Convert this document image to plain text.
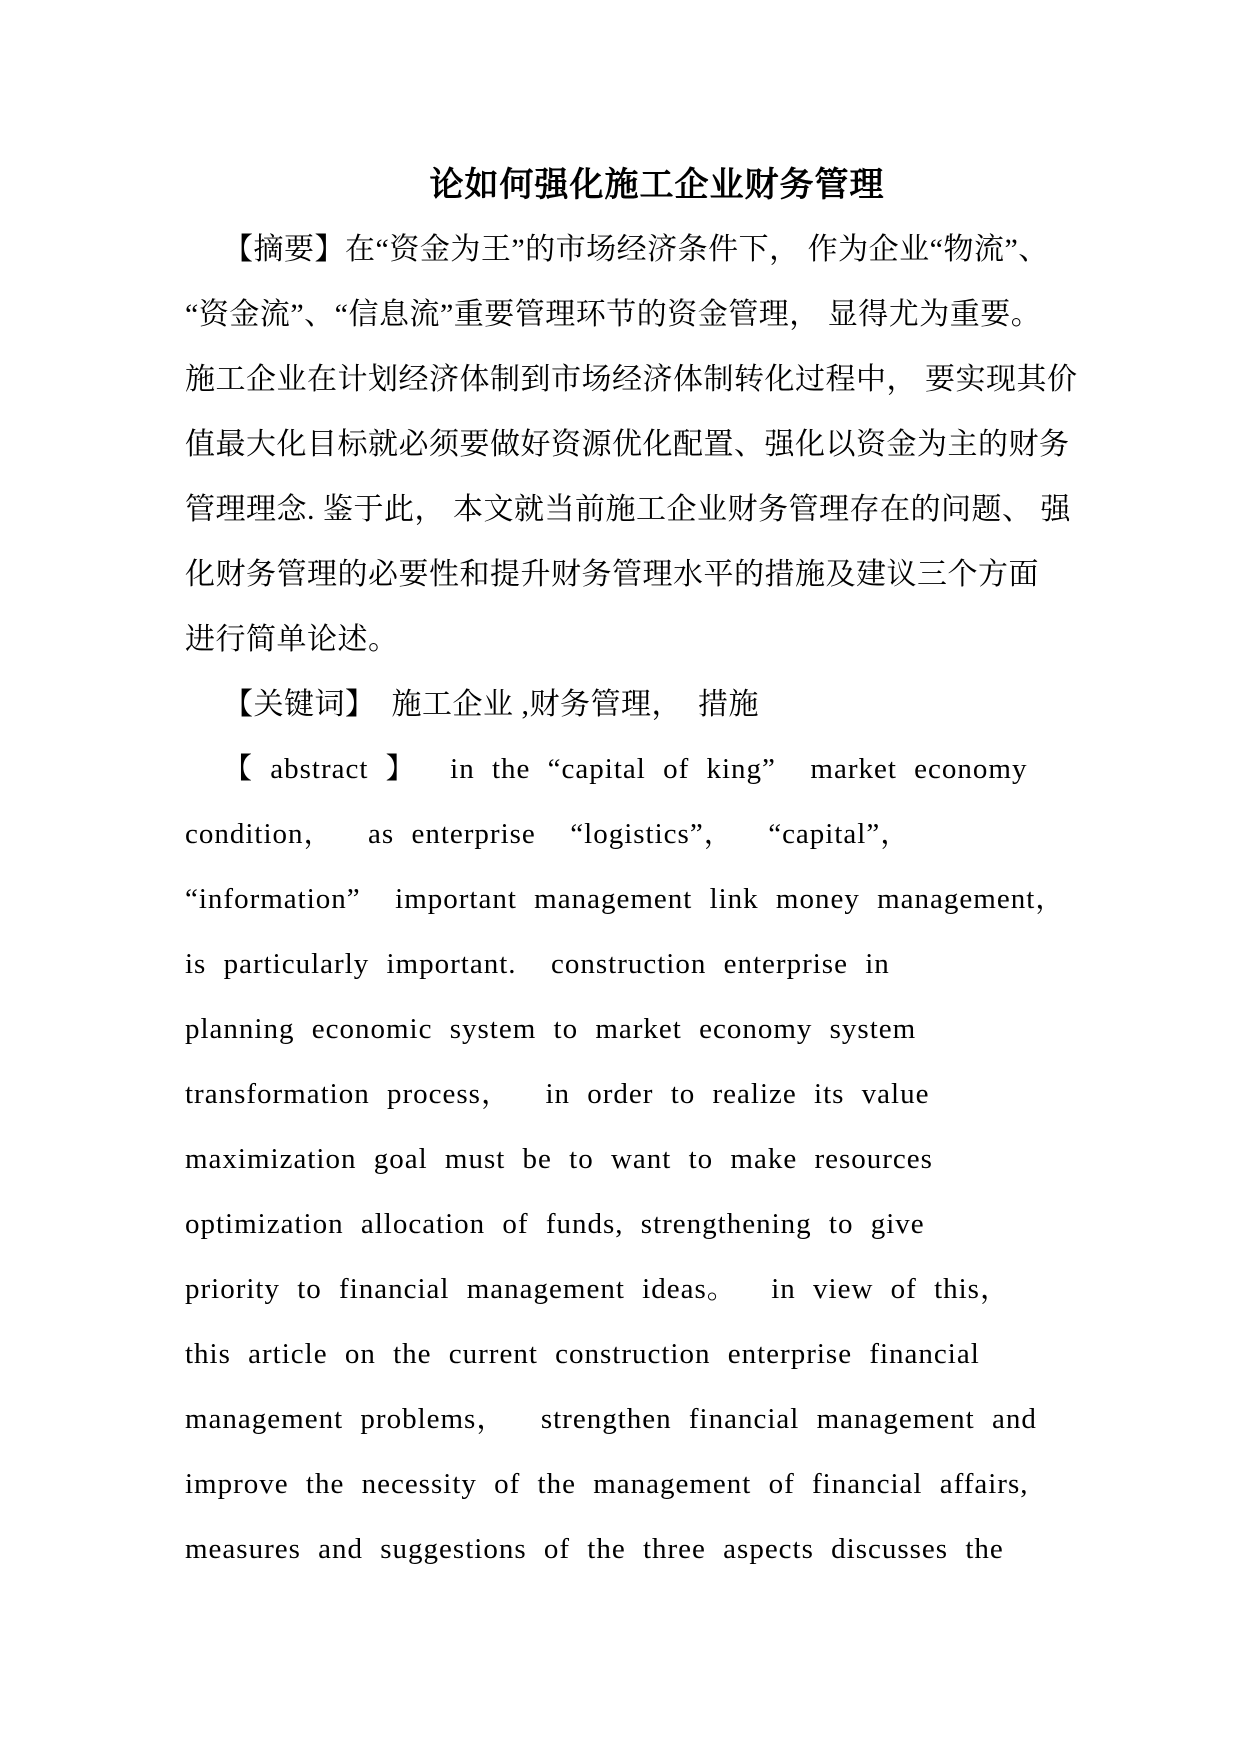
论如何强化施工企业财务管理
【摘要】在“资金为王”的市场经济条件下， 作为企业“物流”、
“资金流”、“信息流”重要管理环节的资金管理， 显得尤为重要。
施工企业在计划经济体制到市场经济体制转化过程中， 要实现其价
值最大化目标就必须要做好资源优化配置、强化以资金为主的财务
管理理念. 鉴于此， 本文就当前施工企业财务管理存在的问题、 强
化财务管理的必要性和提升财务管理水平的措施及建议三个方面
进行简单论述。
【关键词】  施工企业 ,财务管理，  措施
【 abstract 】  in the “capital of king”  market economy
condition，  as enterprise  “logistics”，  “capital”，
“information”  important management link money management，
is particularly important.  construction enterprise in
planning economic system to market economy system
transformation process，  in order to realize its value
maximization goal must be to want to make resources
optimization allocation of funds, strengthening to give
priority to financial management ideas。  in view of this，
this article on the current construction enterprise financial
management problems，  strengthen financial management and
improve the necessity of the management of financial affairs,
measures and suggestions of the three aspects discusses the
